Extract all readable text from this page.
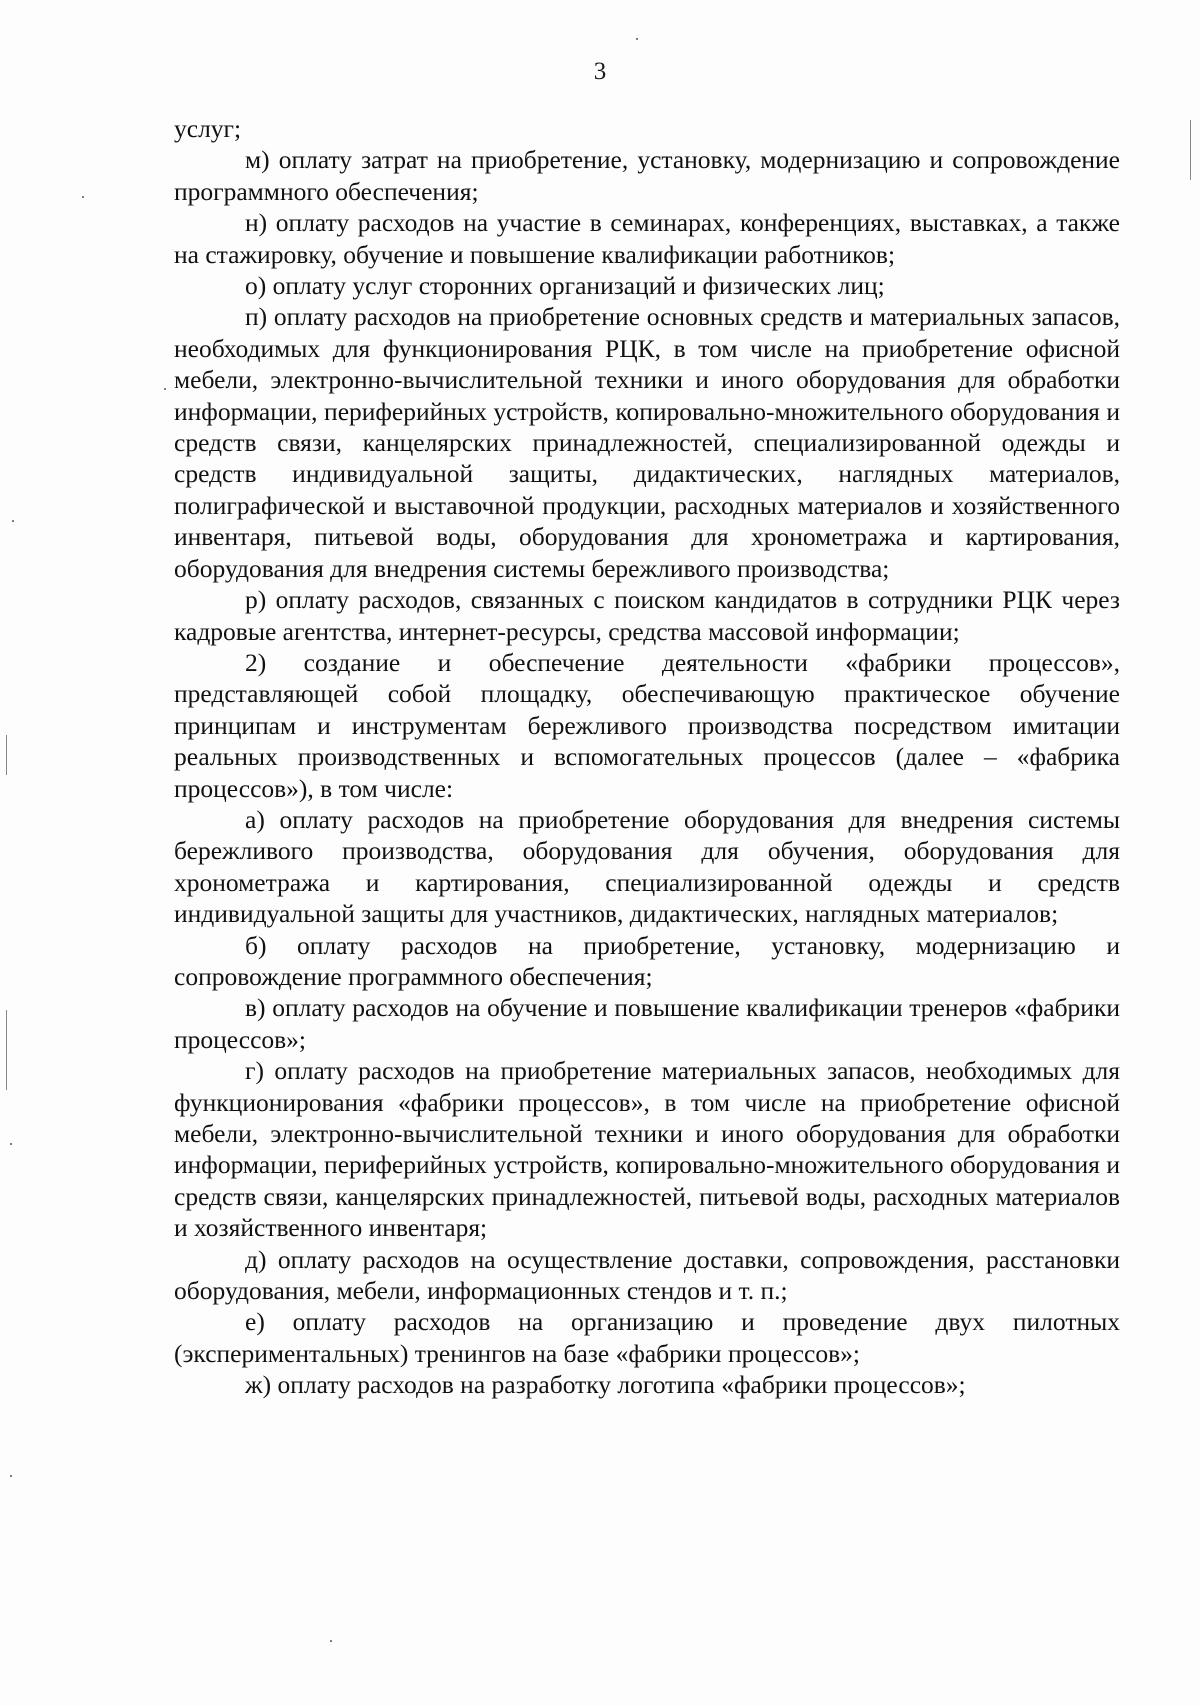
3

услуг;

м) оплату затрат на приобретение, установку, модернизацию и сопровождение программного обеспечения;

н) оплату расходов на участие в семинарах, конференциях, выставках, а также на стажировку, обучение и повышение квалификации работников;

о) оплату услуг сторонних организаций и физических лиц;

п) оплату расходов на приобретение основных средств и материальных запасов, необходимых для функционирования РЦК, в том числе на приобретение офисной мебели, электронно-вычислительной техники и иного оборудования для обработки информации, периферийных устройств, копировально-множительного оборудования и средств связи, канцелярских принадлежностей, специализированной одежды и средств индивидуальной защиты, дидактических, наглядных материалов, полиграфической и выставочной продукции, расходных материалов и хозяйственного инвентаря, питьевой воды, оборудования для хронометража и картирования, оборудования для внедрения системы бережливого производства;

р) оплату расходов, связанных с поиском кандидатов в сотрудники РЦК через кадровые агентства, интернет-ресурсы, средства массовой информации;

2) создание и обеспечение деятельности «фабрики процессов», представляющей собой площадку, обеспечивающую практическое обучение принципам и инструментам бережливого производства посредством имитации реальных производственных и вспомогательных процессов (далее – «фабрика процессов»), в том числе:

а) оплату расходов на приобретение оборудования для внедрения системы бережливого производства, оборудования для обучения, оборудования для хронометража и картирования, специализированной одежды и средств индивидуальной защиты для участников, дидактических, наглядных материалов;

б) оплату расходов на приобретение, установку, модернизацию и сопровождение программного обеспечения;

в) оплату расходов на обучение и повышение квалификации тренеров «фабрики процессов»;

г) оплату расходов на приобретение материальных запасов, необходимых для функционирования «фабрики процессов», в том числе на приобретение офисной мебели, электронно-вычислительной техники и иного оборудования для обработки информации, периферийных устройств, копировально-множительного оборудования и средств связи, канцелярских принадлежностей, питьевой воды, расходных материалов и хозяйственного инвентаря;

д) оплату расходов на осуществление доставки, сопровождения, расстановки оборудования, мебели, информационных стендов и т. п.;

е) оплату расходов на организацию и проведение двух пилотных (экспериментальных) тренингов на базе «фабрики процессов»;

ж) оплату расходов на разработку логотипа «фабрики процессов»;
